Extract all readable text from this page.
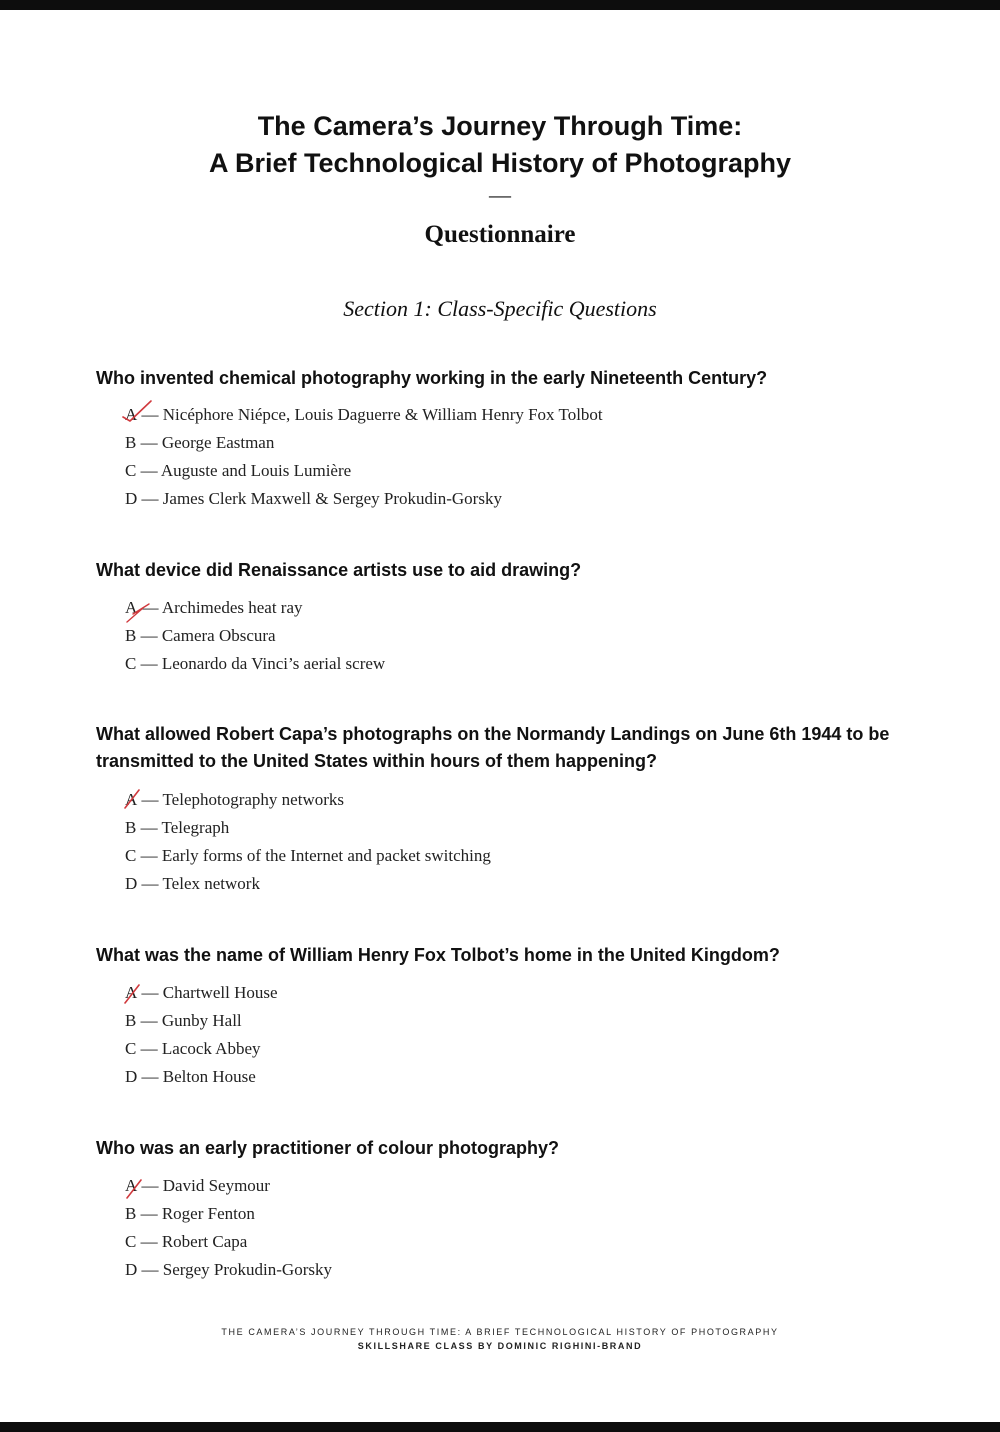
The Camera’s Journey Through Time:
A Brief Technological History of Photography
—
Questionnaire
Section 1: Class-Specific Questions
Who invented chemical photography working in the early Nineteenth Century?
A
— Nicéphore Niépce, Louis Daguerre & William Henry Fox Tolbot
B — George Eastman
C — Auguste and Louis Lumière
D — James Clerk Maxwell & Sergey Prokudin-Gorsky
What device did Renaissance artists use to aid drawing?
A — Archimedes heat ray
B
— Camera Obscura
C — Leonardo da Vinci’s aerial screw
What allowed Robert Capa’s photographs on the Normandy Landings on June 6th 1944 to be transmitted to the United States within hours of them happening?
A
— Telephotography networks
B — Telegraph
C — Early forms of the Internet and packet switching
D — Telex network
What was the name of William Henry Fox Tolbot’s home in the United Kingdom?
A — Chartwell House
B — Gunby Hall
C
— Lacock Abbey
D — Belton House
Who was an early practitioner of colour photography?
A — David Seymour
B — Roger Fenton
C — Robert Capa
D
— Sergey Prokudin-Gorsky
THE CAMERA’S JOURNEY THROUGH TIME: A BRIEF TECHNOLOGICAL HISTORY OF PHOTOGRAPHY
SKILLSHARE CLASS BY DOMINIC RIGHINI-BRAND
